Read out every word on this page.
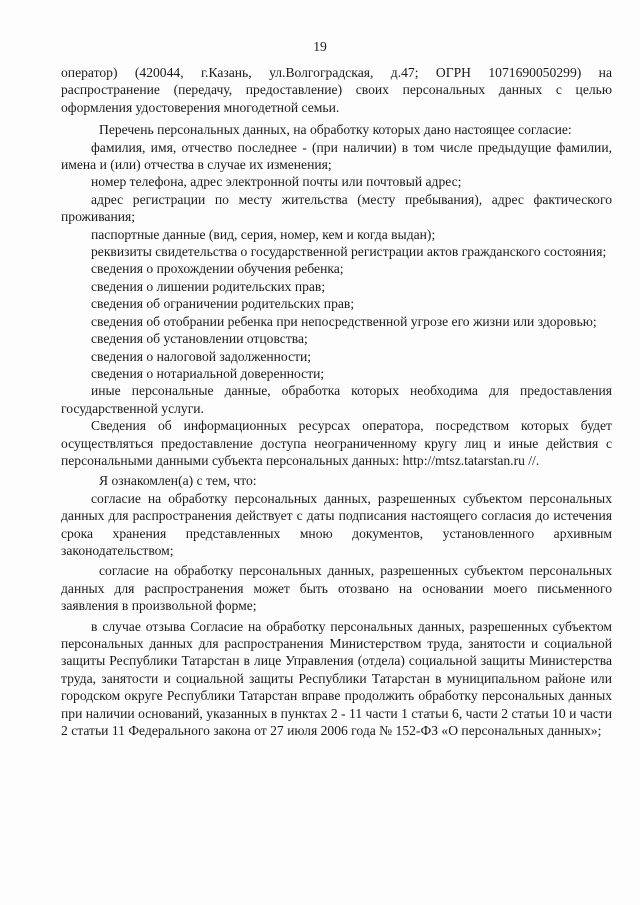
19

оператор) (420044, г.Казань, ул.Волгоградская, д.47; ОГРН 1071690050299) на распространение (передачу, предоставление) своих персональных данных с целью оформления удостоверения многодетной семьи.

Перечень персональных данных, на обработку которых дано настоящее согласие:

фамилия, имя, отчество последнее - (при наличии) в том числе предыдущие фамилии, имена и (или) отчества в случае их изменения;

номер телефона, адрес электронной почты или почтовый адрес;

адрес регистрации по месту жительства (месту пребывания), адрес фактического проживания;

паспортные данные (вид, серия, номер, кем и когда выдан);

реквизиты свидетельства о государственной регистрации актов гражданского состояния;

сведения о прохождении обучения ребенка;

сведения о лишении родительских прав;

сведения об ограничении родительских прав;

сведения об отобрании ребенка при непосредственной угрозе его жизни или здоровью;

сведения об установлении отцовства;

сведения о налоговой задолженности;

сведения о нотариальной доверенности;

иные персональные данные, обработка которых необходима для предоставления государственной услуги.

Сведения об информационных ресурсах оператора, посредством которых будет осуществляться предоставление доступа неограниченному кругу лиц и иные действия с персональными данными субъекта персональных данных: http://mtsz.tatarstan.ru //.

Я ознакомлен(а) с тем, что:

согласие на обработку персональных данных, разрешенных субъектом персональных данных для распространения действует с даты подписания настоящего согласия до истечения срока хранения представленных мною документов, установленного архивным законодательством;

согласие на обработку персональных данных, разрешенных субъектом персональных данных для распространения может быть отозвано на основании моего письменного заявления в произвольной форме;

в случае отзыва Согласие на обработку персональных данных, разрешенных субъектом персональных данных для распространения Министерством труда, занятости и социальной защиты Республики Татарстан в лице Управления (отдела) социальной защиты Министерства труда, занятости и социальной защиты Республики Татарстан в муниципальном районе или городском округе Республики Татарстан вправе продолжить обработку персональных данных при наличии оснований, указанных в пунктах 2 - 11 части 1 статьи 6, части 2 статьи 10 и части 2 статьи 11 Федерального закона от 27 июля 2006 года № 152-ФЗ «О персональных данных»;
